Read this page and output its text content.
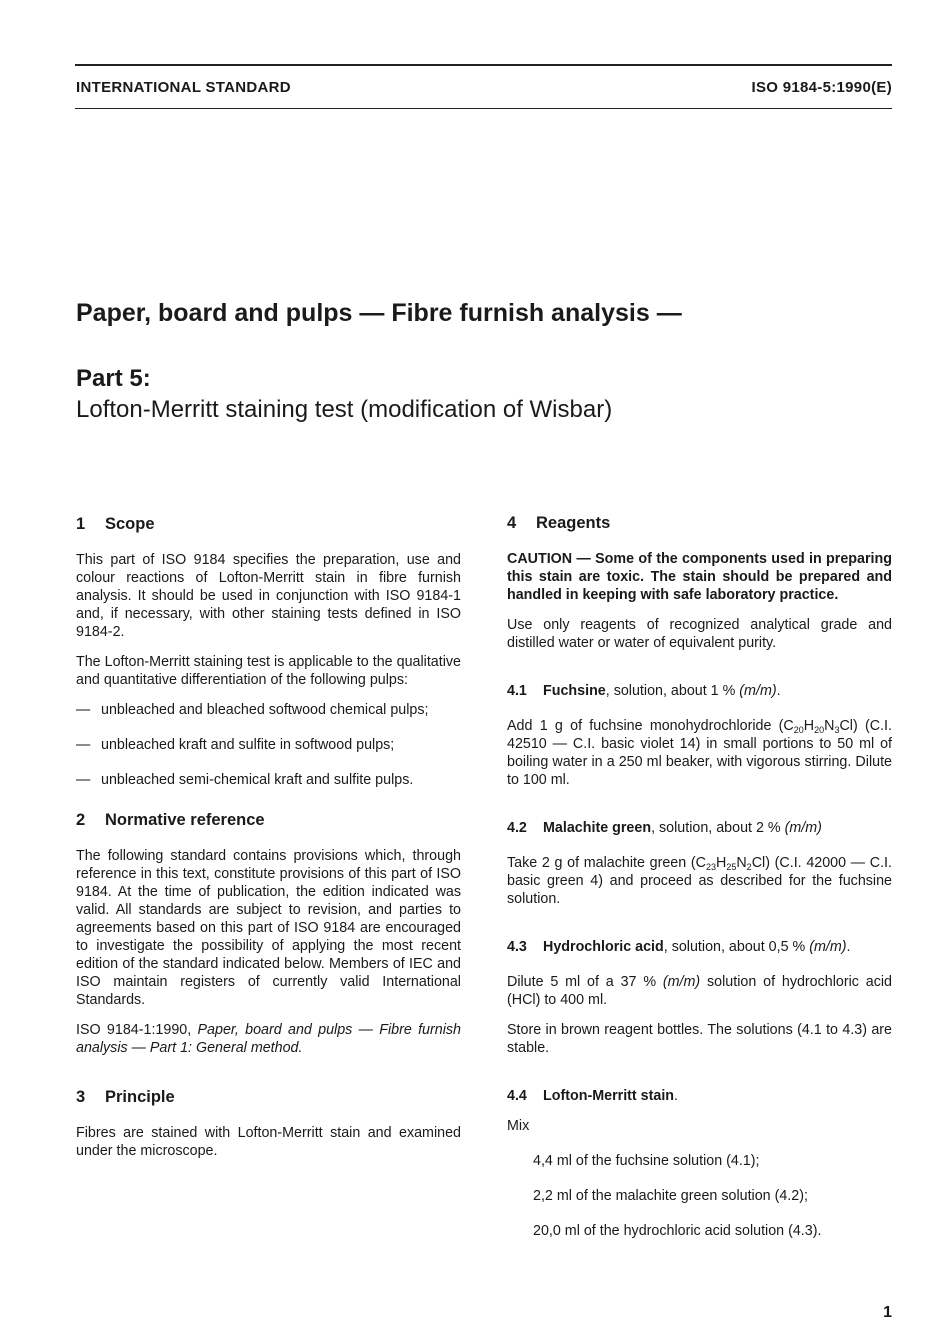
INTERNATIONAL STANDARD	ISO 9184-5:1990(E)
Paper, board and pulps — Fibre furnish analysis —
Part 5:
Lofton-Merritt staining test (modification of Wisbar)
1 Scope

This part of ISO 9184 specifies the preparation, use and colour reactions of Lofton-Merritt stain in fibre furnish analysis. It should be used in conjunction with ISO 9184-1 and, if necessary, with other staining tests defined in ISO 9184-2.

The Lofton-Merritt staining test is applicable to the qualitative and quantitative differentiation of the following pulps:

— unbleached and bleached softwood chemical pulps;
— unbleached kraft and sulfite in softwood pulps;
— unbleached semi-chemical kraft and sulfite pulps.
2 Normative reference

The following standard contains provisions which, through reference in this text, constitute provisions of this part of ISO 9184. At the time of publication, the edition indicated was valid. All standards are subject to revision, and parties to agreements based on this part of ISO 9184 are encouraged to investigate the possibility of applying the most recent edition of the standard indicated below. Members of IEC and ISO maintain registers of currently valid International Standards.

ISO 9184-1:1990, Paper, board and pulps — Fibre furnish analysis — Part 1: General method.

3 Principle

Fibres are stained with Lofton-Merritt stain and examined under the microscope.

4 Reagents
CAUTION — Some of the components used in preparing this stain are toxic. The stain should be prepared and handled in keeping with safe laboratory practice.

Use only reagents of recognized analytical grade and distilled water or water of equivalent purity.

4.1 Fuchsine, solution, about 1 % (m/m).

Add 1 g of fuchsine monohydrochloride $(C_{20}H_{20}N_3Cl)$ (C.I. 42510 — C.I. basic violet 14) in small portions to 50 ml of boiling water in a 250 ml beaker, with vigorous stirring. Dilute to 100 ml.

4.2 Malachite green, solution, about 2 % (m/m)

Take 2 g of malachite green $(C_{23}H_{25}N_2Cl)$ (C.I. 42000 — C.I. basic green 4) and proceed as described for the fuchsine solution.

4.3 Hydrochloric acid, solution, about 0,5 % (m/m).

Dilute 5 ml of a 37 % (m/m) solution of hydrochloric acid (HCl) to 400 ml.

Store in brown reagent bottles. The solutions (4.1 to 4.3) are stable.

4.4 Lofton-Merritt stain.

Mix

4,4 ml of the fuchsine solution (4.1);
2,2 ml of the malachite green solution (4.2);
20,0 ml of the hydrochloric acid solution (4.3).
1
